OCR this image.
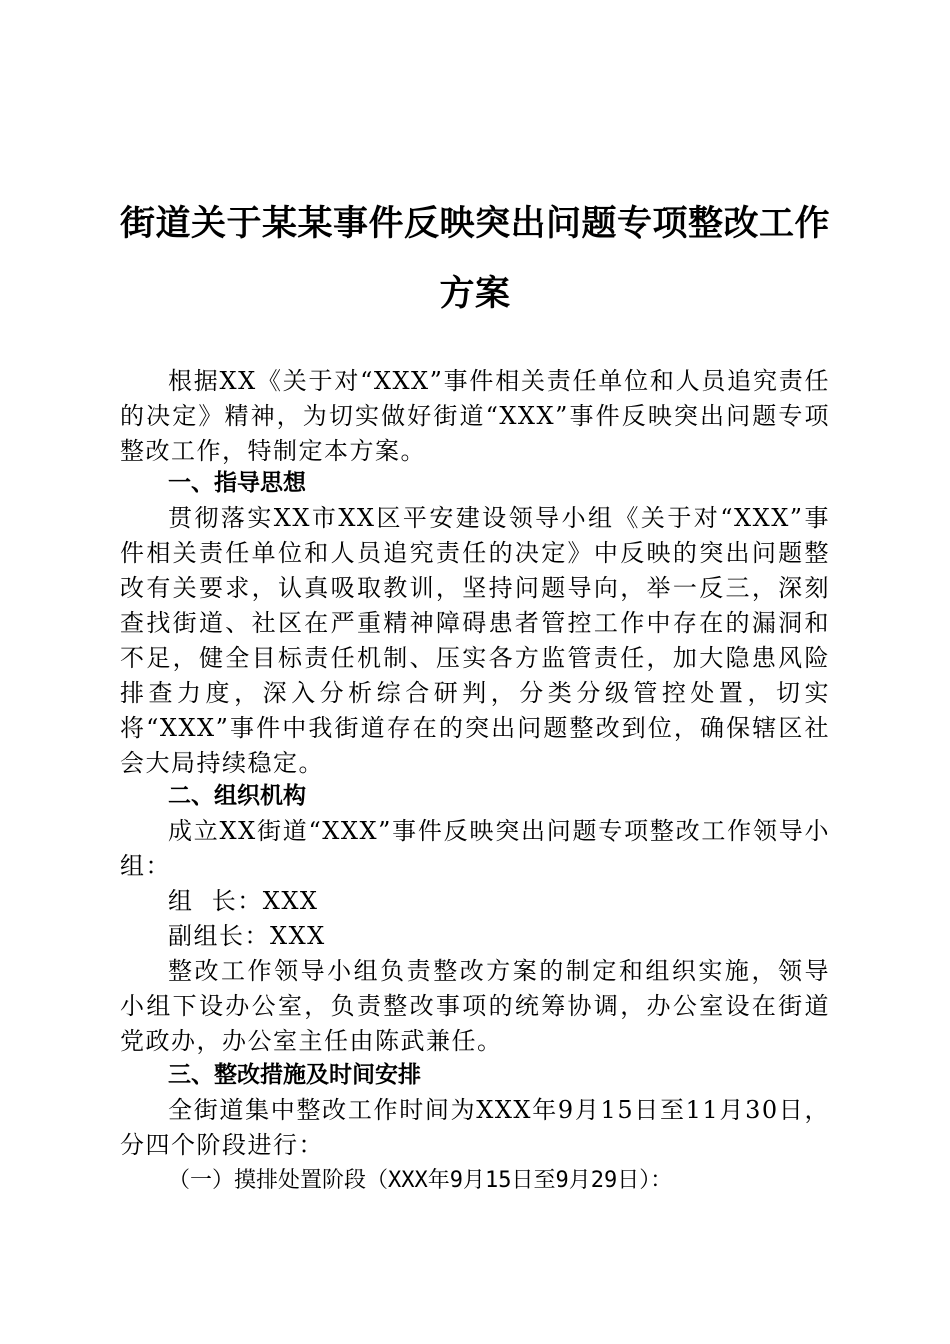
街道关于某某事件反映突出问题专项整改工作
方案

根据XX《关于对“XXX”事件相关责任单位和人员追究责任的决定》精神，为切实做好街道“XXX”事件反映突出问题专项整改工作，特制定本方案。

一、指导思想

贯彻落实XX市XX区平安建设领导小组《关于对“XXX”事件相关责任单位和人员追究责任的决定》中反映的突出问题整改有关要求，认真吸取教训，坚持问题导向，举一反三，深刻查找街道、社区在严重精神障碍患者管控工作中存在的漏洞和不足，健全目标责任机制、压实各方监管责任，加大隐患风险排查力度，深入分析综合研判，分类分级管控处置，切实将“XXX”事件中我街道存在的突出问题整改到位，确保辖区社会大局持续稳定。

二、组织机构

成立XX街道“XXX”事件反映突出问题专项整改工作领导小组：

组  长：XXX

副组长：XXX

整改工作领导小组负责整改方案的制定和组织实施，领导小组下设办公室，负责整改事项的统筹协调，办公室设在街道党政办，办公室主任由陈武兼任。

三、整改措施及时间安排

全街道集中整改工作时间为XXX年9月15日至11月30日，分四个阶段进行：

（一）摸排处置阶段（XXX年9月15日至9月29日）：
